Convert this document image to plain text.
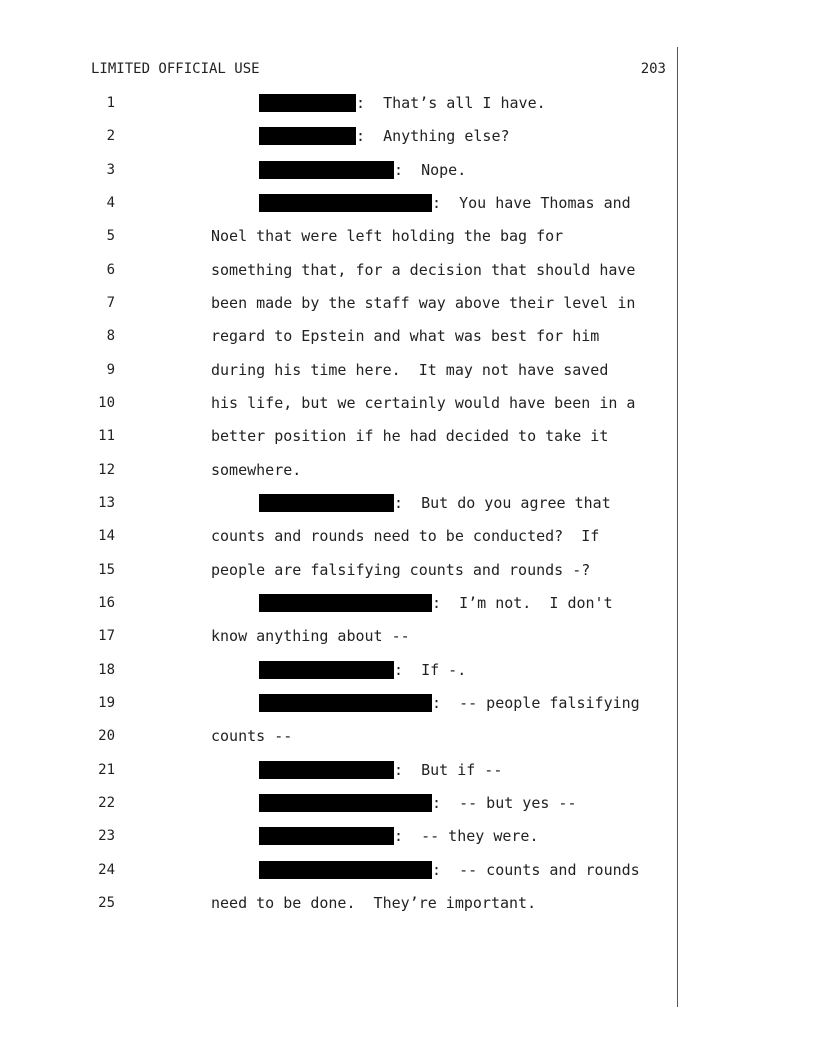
LIMITED OFFICIAL USE	203
1	:  That’s all I have.
2	:  Anything else?
3	:  Nope.
4	:  You have Thomas and
5	Noel that were left holding the bag for
6	something that, for a decision that should have
7	been made by the staff way above their level in
8	regard to Epstein and what was best for him
9	during his time here.  It may not have saved
10	his life, but we certainly would have been in a
11	better position if he had decided to take it
12	somewhere.
13	:  But do you agree that
14	counts and rounds need to be conducted?  If
15	people are falsifying counts and rounds -?
16	:  I’m not.  I don't
17	know anything about --
18	:  If -.
19	:  -- people falsifying
20	counts --
21	:  But if --
22	:  -- but yes --
23	:  -- they were.
24	:  -- counts and rounds
25	need to be done.  They’re important.
